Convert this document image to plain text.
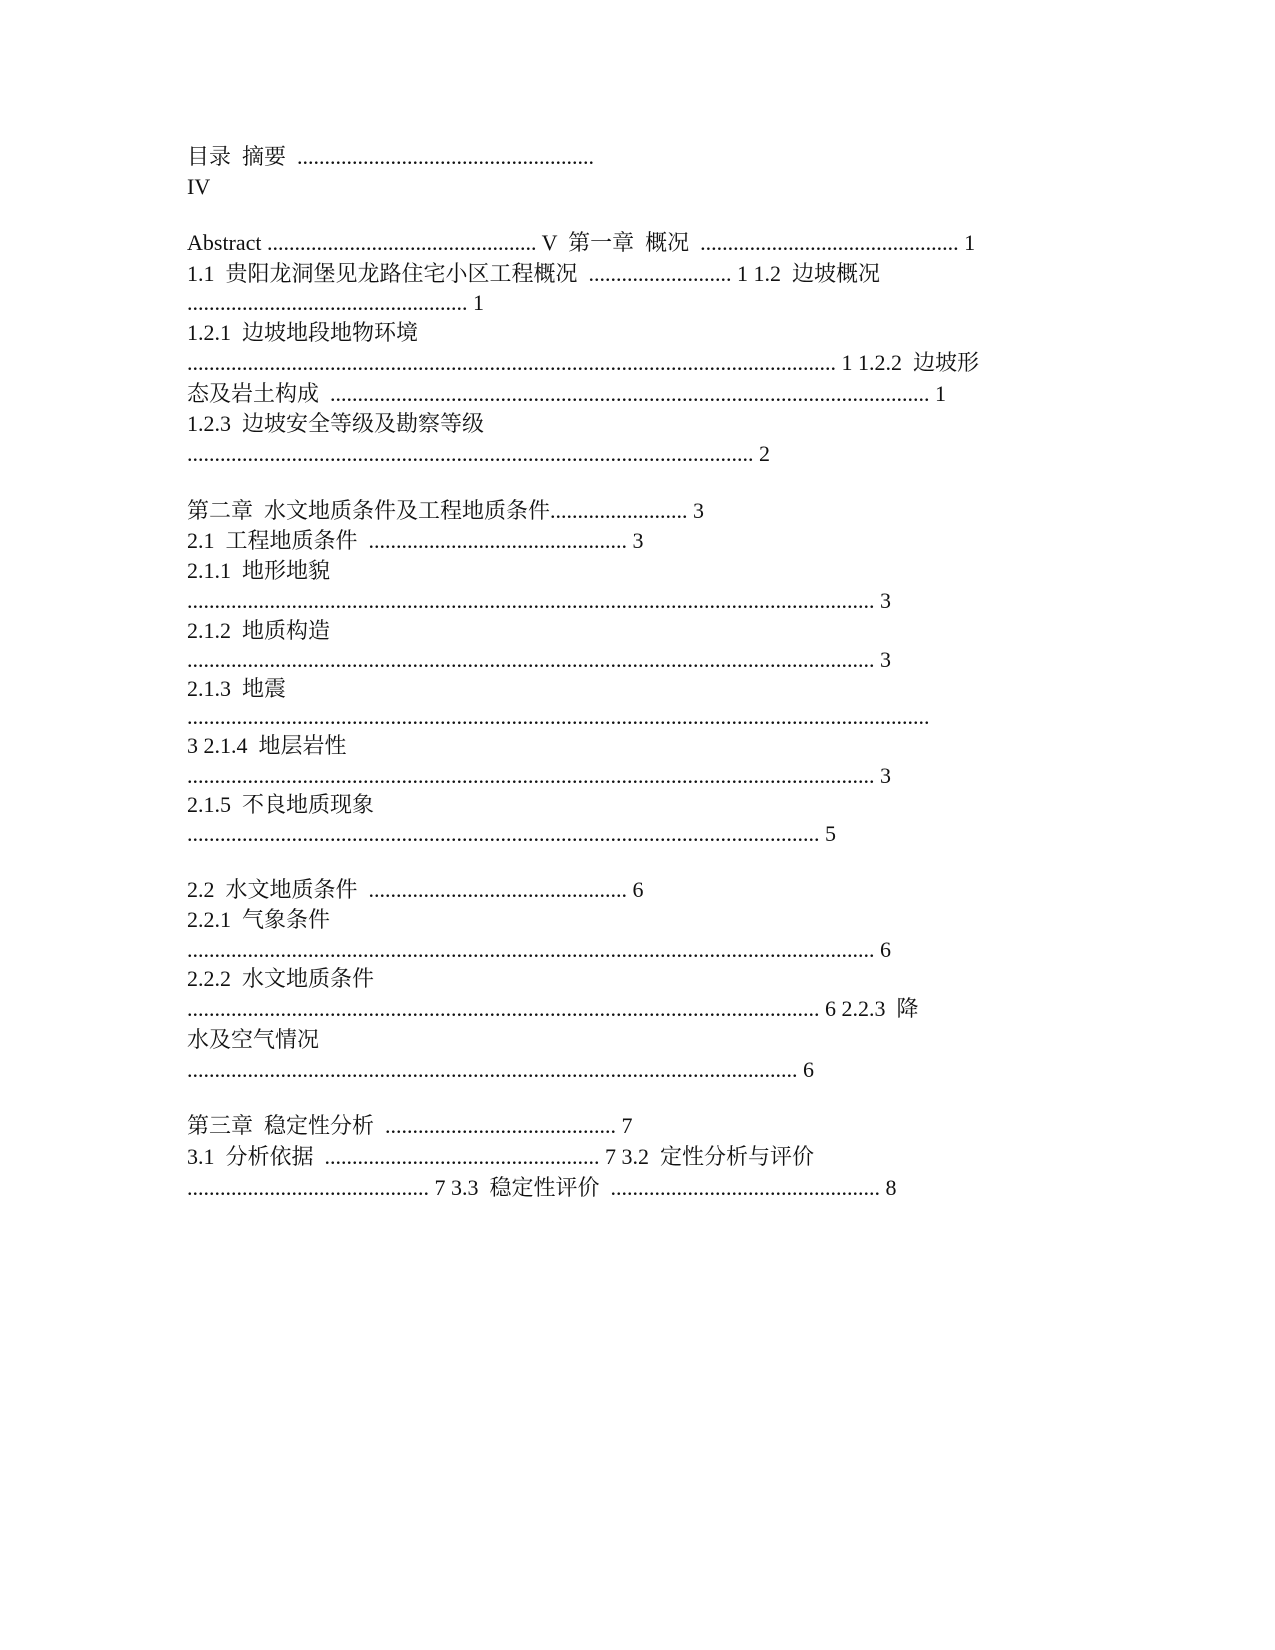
目录  摘要  ......................................................

IV

Abstract ................................................. V  第一章  概况  ............................................... 1

1.1  贵阳龙洞堡见龙路住宅小区工程概况  .......................... 1 1.2  边坡概况

................................................... 1

1.2.1  边坡地段地物环境

...................................................................................................................... 1 1.2.2  边坡形

态及岩土构成  ............................................................................................................. 1

1.2.3  边坡安全等级及勘察等级

....................................................................................................... 2

第二章  水文地质条件及工程地质条件......................... 3

2.1  工程地质条件  ............................................... 3

2.1.1  地形地貌

............................................................................................................................. 3

2.1.2  地质构造

............................................................................................................................. 3

2.1.3  地震

.......................................................................................................................................

3 2.1.4  地层岩性

............................................................................................................................. 3

2.1.5  不良地质现象

................................................................................................................... 5

2.2  水文地质条件  ............................................... 6

2.2.1  气象条件

............................................................................................................................. 6

2.2.2  水文地质条件

................................................................................................................... 6 2.2.3  降

水及空气情况

............................................................................................................... 6

第三章  稳定性分析  .......................................... 7

3.1  分析依据  .................................................. 7 3.2  定性分析与评价

............................................ 7 3.3  稳定性评价  ................................................. 8
